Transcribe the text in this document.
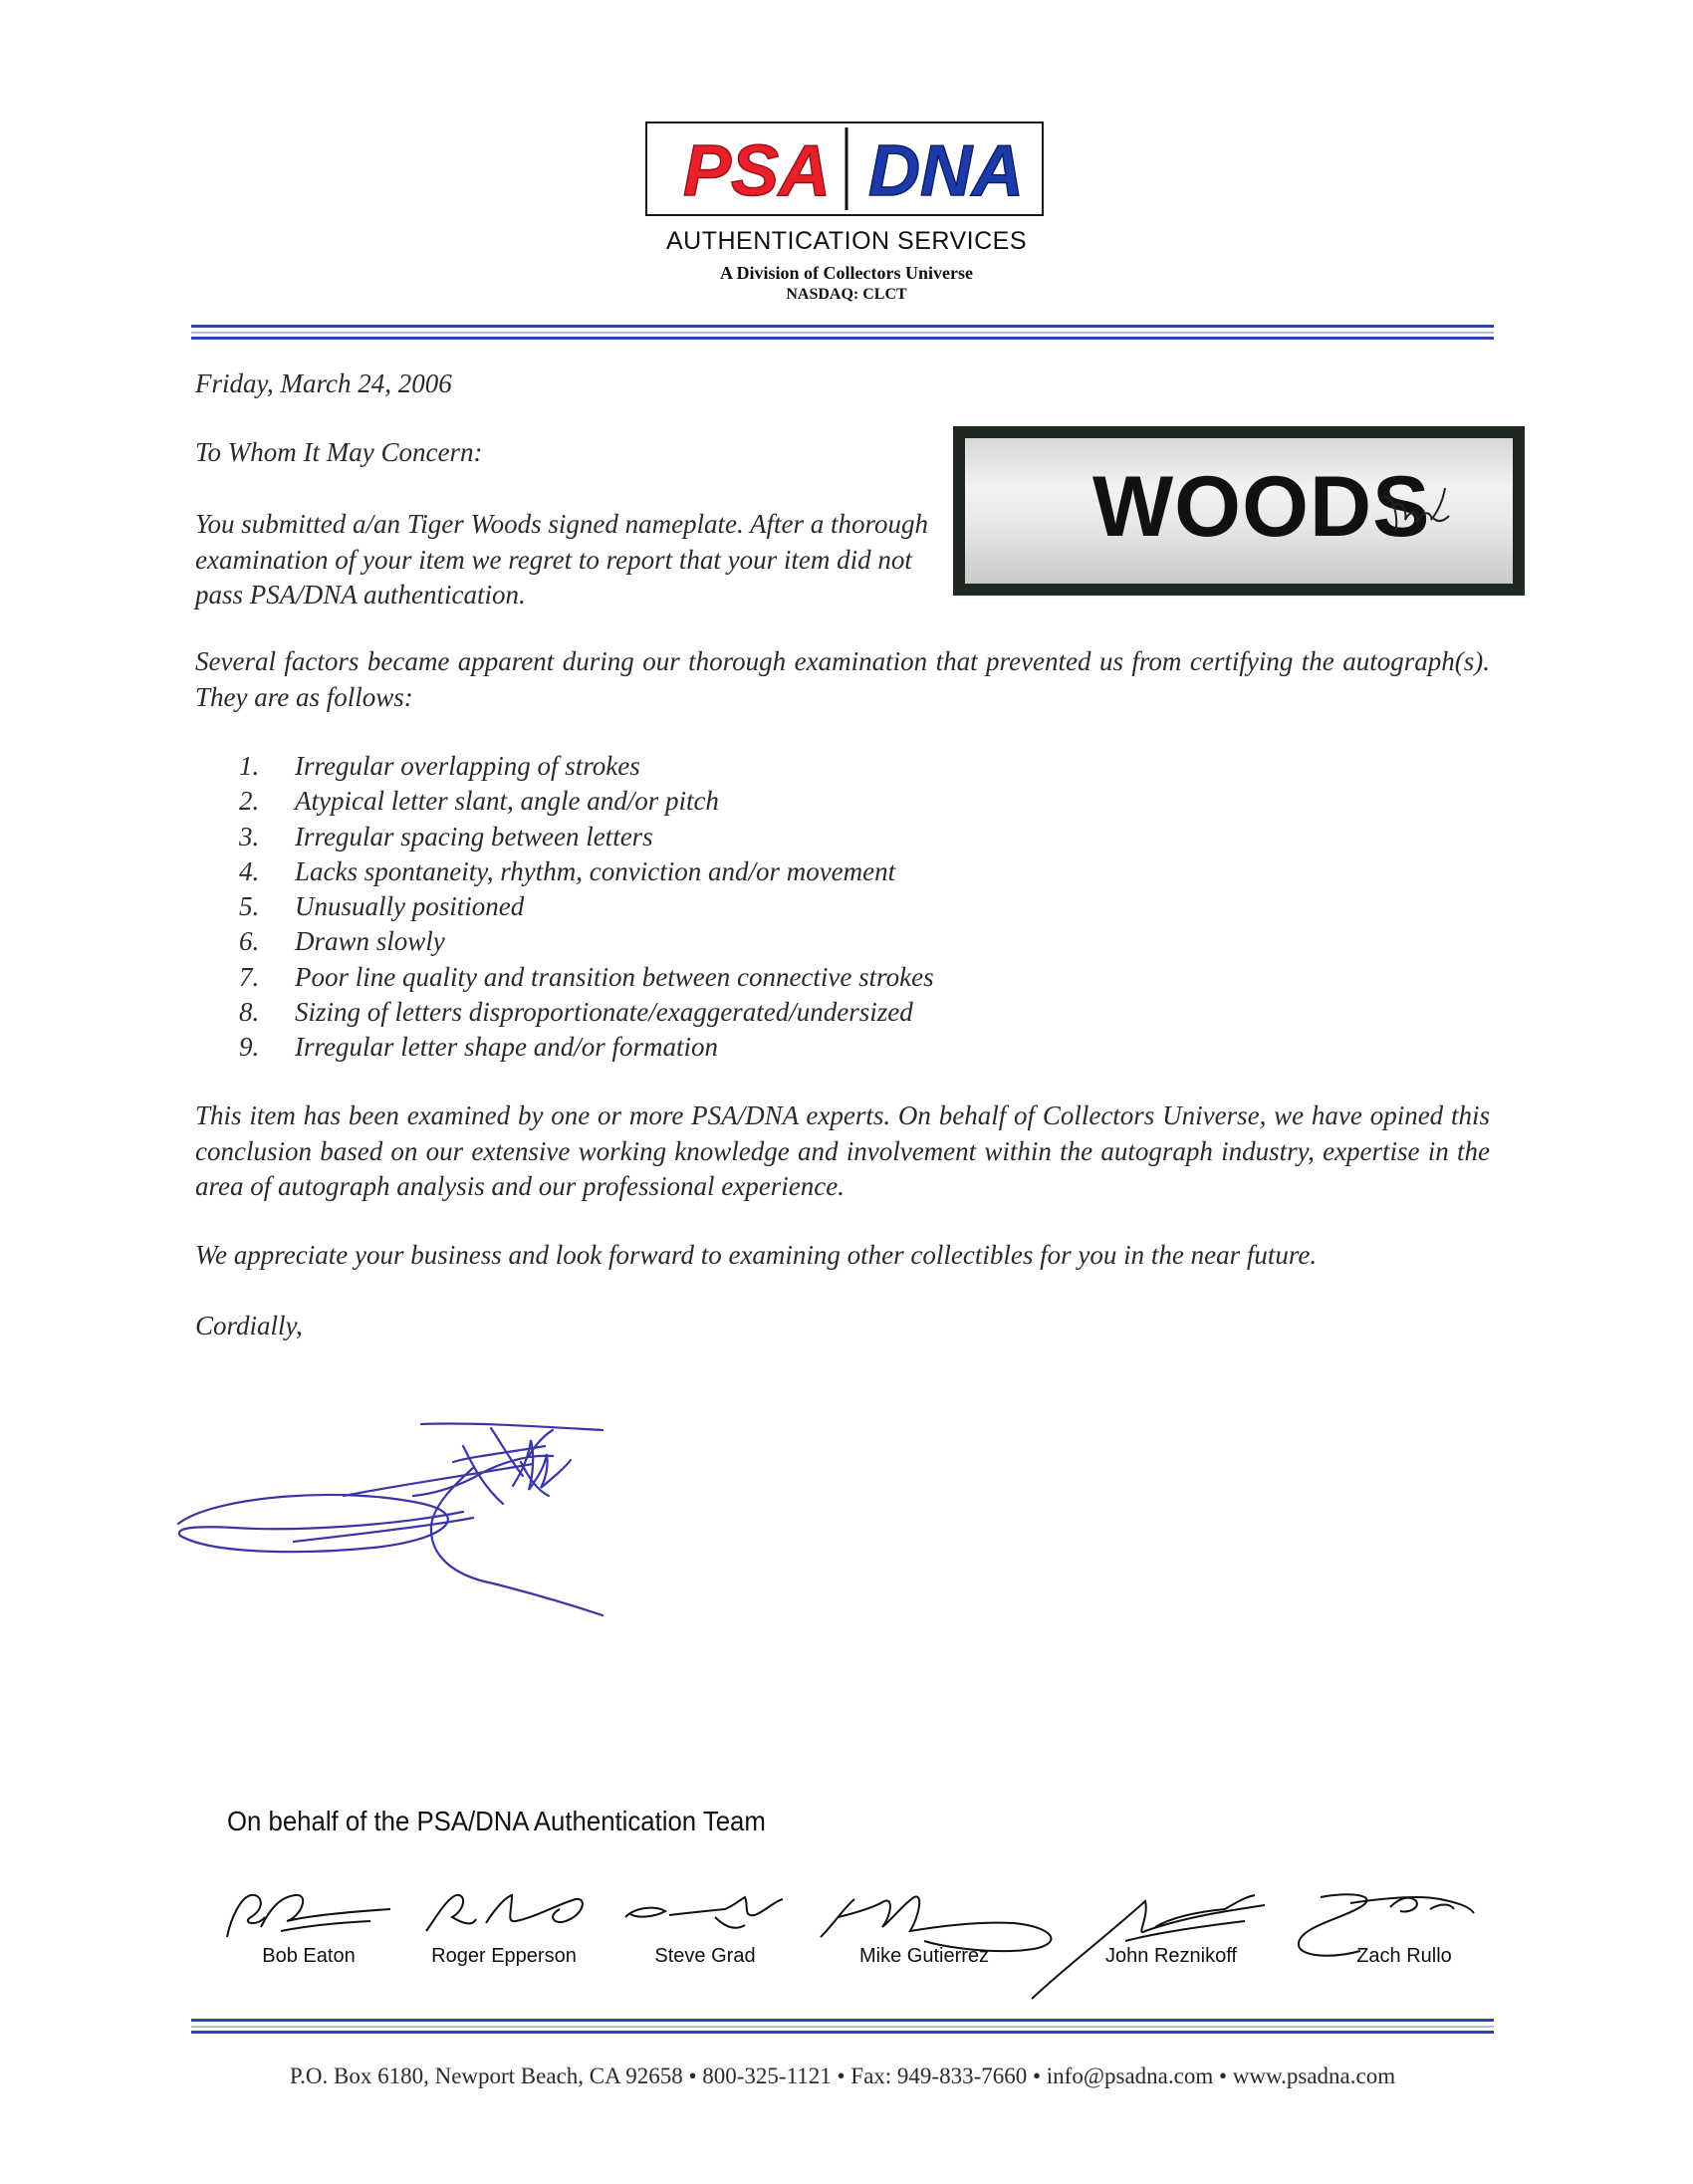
PSA DNA
AUTHENTICATION SERVICES
A Division of Collectors Universe
NASDAQ: CLCT
Friday, March 24, 2006
To Whom It May Concern:
You submitted a/an Tiger Woods signed nameplate. After a thorough examination of your item we regret to report that your item did not pass PSA/DNA authentication.
WOODS
Several factors became apparent during our thorough examination that prevented us from certifying the autograph(s). They are as follows:
1. Irregular overlapping of strokes
2. Atypical letter slant, angle and/or pitch
3. Irregular spacing between letters
4. Lacks spontaneity, rhythm, conviction and/or movement
5. Unusually positioned
6. Drawn slowly
7. Poor line quality and transition between connective strokes
8. Sizing of letters disproportionate/exaggerated/undersized
9. Irregular letter shape and/or formation
This item has been examined by one or more PSA/DNA experts. On behalf of Collectors Universe, we have opined this conclusion based on our extensive working knowledge and involvement within the autograph industry, expertise in the area of autograph analysis and our professional experience.
We appreciate your business and look forward to examining other collectibles for you in the near future.
Cordially,
On behalf of the PSA/DNA Authentication Team
Bob Eaton	Roger Epperson	Steve Grad	Mike Gutierrez	John Reznikoff	Zach Rullo
P.O. Box 6180, Newport Beach, CA 92658 • 800-325-1121 • Fax: 949-833-7660 • info@psadna.com • www.psadna.com
